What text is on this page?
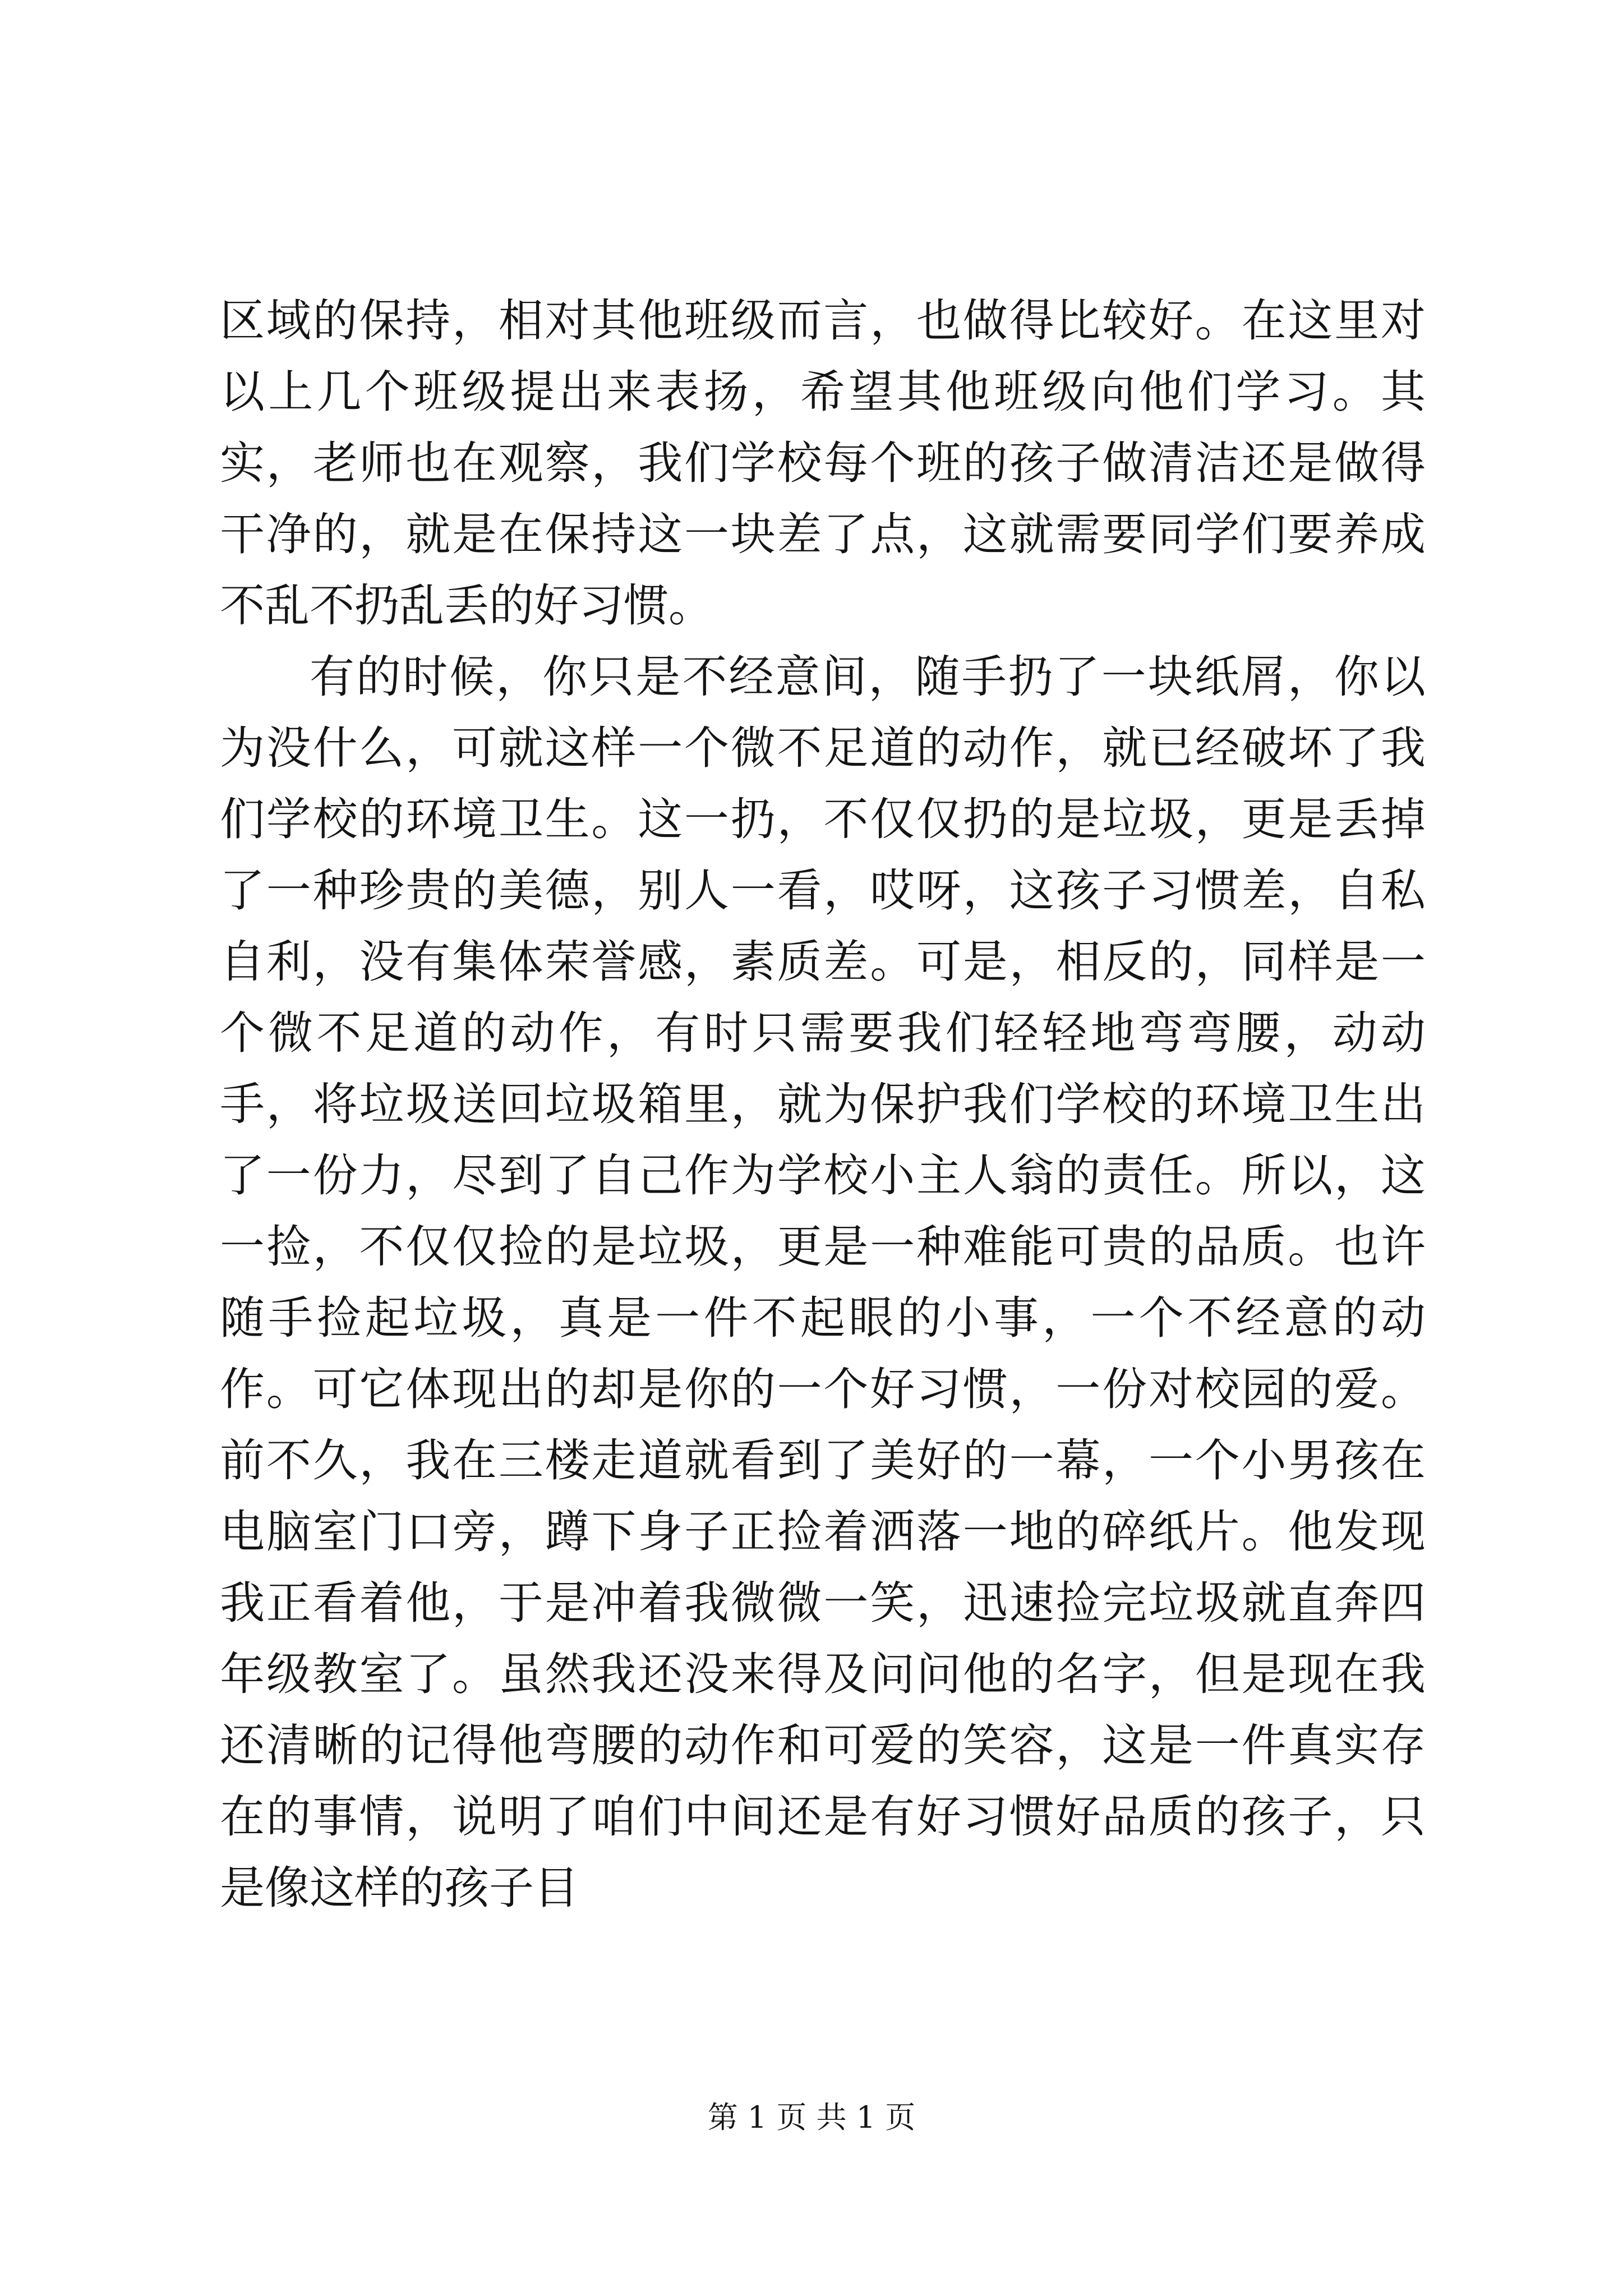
区域的保持，相对其他班级而言，也做得比较好。在这里对以上几个班级提出来表扬，希望其他班级向他们学习。其实，老师也在观察，我们学校每个班的孩子做清洁还是做得干净的，就是在保持这一块差了点，这就需要同学们要养成不乱不扔乱丢的好习惯。

有的时候，你只是不经意间，随手扔了一块纸屑，你以为没什么，可就这样一个微不足道的动作，就已经破坏了我们学校的环境卫生。这一扔，不仅仅扔的是垃圾，更是丢掉了一种珍贵的美德，别人一看，哎呀，这孩子习惯差，自私自利，没有集体荣誉感，素质差。可是，相反的，同样是一个微不足道的动作，有时只需要我们轻轻地弯弯腰，动动手，将垃圾送回垃圾箱里，就为保护我们学校的环境卫生出了一份力，尽到了自己作为学校小主人翁的责任。所以，这一捡，不仅仅捡的是垃圾，更是一种难能可贵的品质。也许随手捡起垃圾，真是一件不起眼的小事，一个不经意的动作。可它体现出的却是你的一个好习惯，一份对校园的爱。前不久，我在三楼走道就看到了美好的一幕，一个小男孩在电脑室门口旁，蹲下身子正捡着洒落一地的碎纸片。他发现我正看着他，于是冲着我微微一笑，迅速捡完垃圾就直奔四年级教室了。虽然我还没来得及问问他的名字，但是现在我还清晰的记得他弯腰的动作和可爱的笑容，这是一件真实存在的事情，说明了咱们中间还是有好习惯好品质的孩子，只是像这样的孩子目

第 1 页 共 1 页
